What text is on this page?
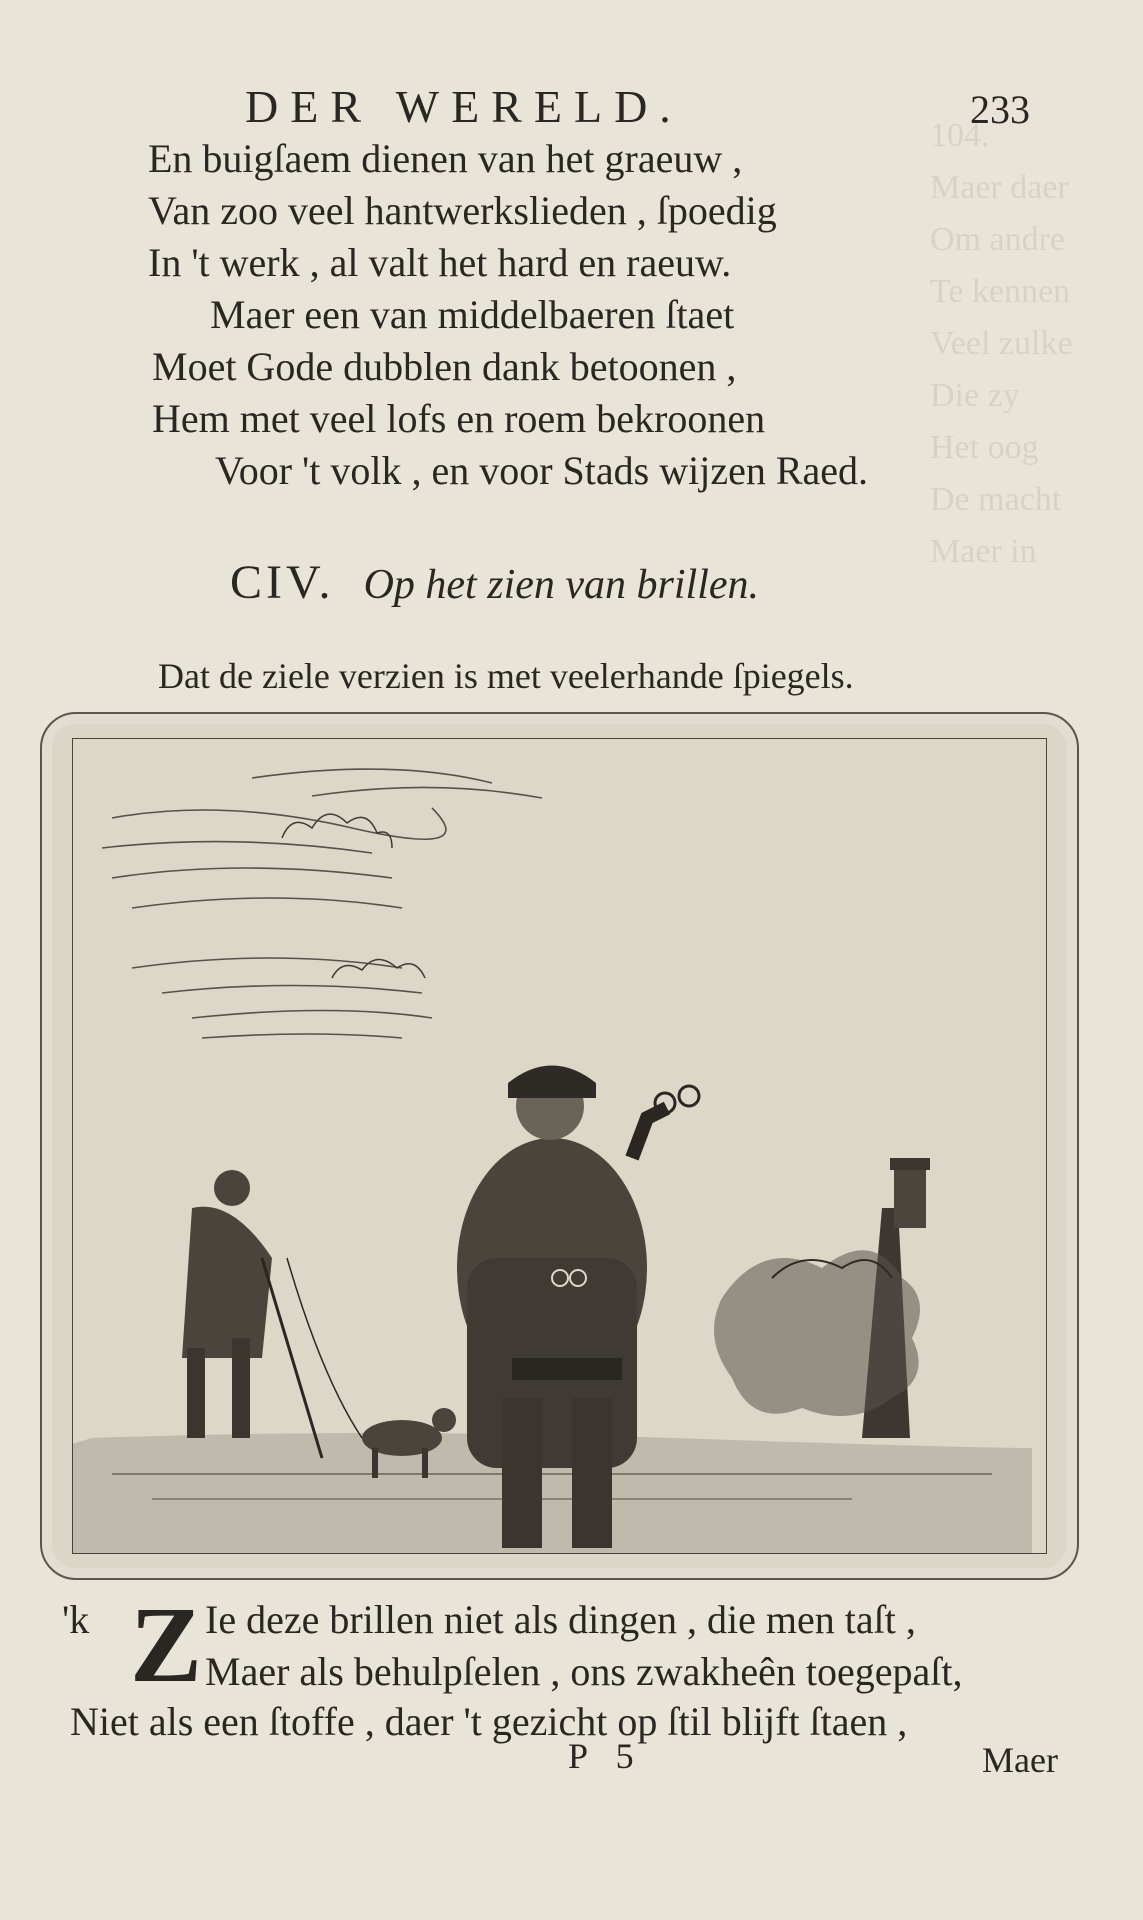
104.
Maer daer
Om andre
Te kennen
Veel zulke
Die zy
Het oog
De macht
Maer in
DER WERELD.	233
En buigſaem dienen van het graeuw ,
Van zoo veel hantwerkslieden , ſpoedig
In 't werk , al valt het hard en raeuw.
Maer een van middelbaeren ſtaet
Moet Gode dubblen dank betoonen ,
Hem met veel lofs en roem bekroonen
Voor 't volk , en voor Stads wijzen Raed.
CIV. Op het zien van brillen.
Dat de ziele verzien is met veelerhande ſpiegels.
'k Z Ie deze brillen niet als dingen , die men taſt ,
Maer als behulpſelen , ons zwakheên toegepaſt,
Niet als een ſtoffe , daer 't gezicht op ſtil blijft ſtaen ,
P 5	Maer
